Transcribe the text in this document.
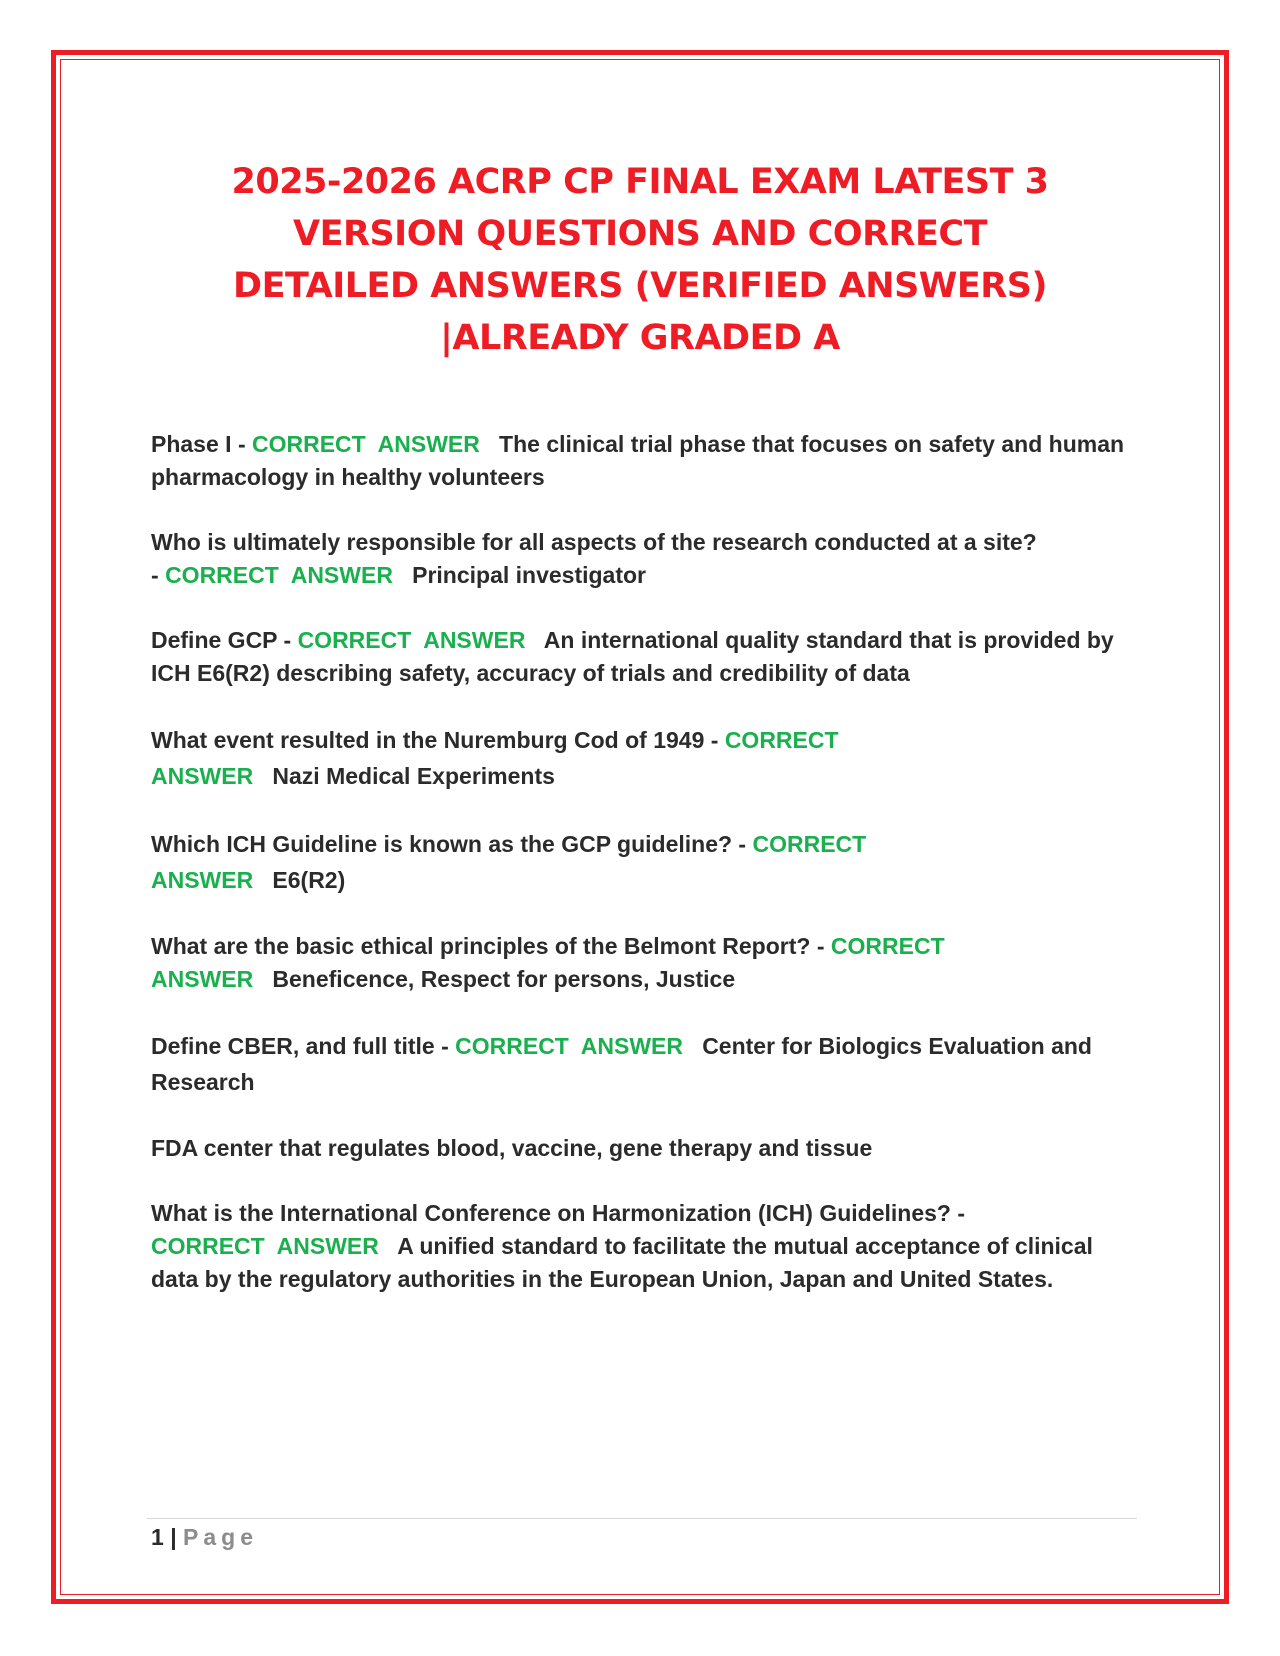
2025-2026 ACRP CP FINAL EXAM LATEST 3
VERSION QUESTIONS AND CORRECT
DETAILED ANSWERS (VERIFIED ANSWERS)
|ALREADY GRADED A

Phase I - CORRECT  ANSWER The clinical trial phase that focuses on safety and human pharmacology in healthy volunteers

Who is ultimately responsible for all aspects of the research conducted at a site?
- CORRECT  ANSWER Principal investigator

Define GCP - CORRECT  ANSWER An international quality standard that is provided by ICH E6(R2) describing safety, accuracy of trials and credibility of data

What event resulted in the Nuremburg Cod of 1949 - CORRECT
ANSWER Nazi Medical Experiments

Which ICH Guideline is known as the GCP guideline? - CORRECT
ANSWER E6(R2)

What are the basic ethical principles of the Belmont Report? - CORRECT
ANSWER Beneficence, Respect for persons, Justice

Define CBER, and full title - CORRECT  ANSWER Center for Biologics Evaluation and Research

FDA center that regulates blood, vaccine, gene therapy and tissue

What is the International Conference on Harmonization (ICH) Guidelines? -
CORRECT  ANSWER A unified standard to facilitate the mutual acceptance of clinical data by the regulatory authorities in the European Union, Japan and United States.

1 | Page
